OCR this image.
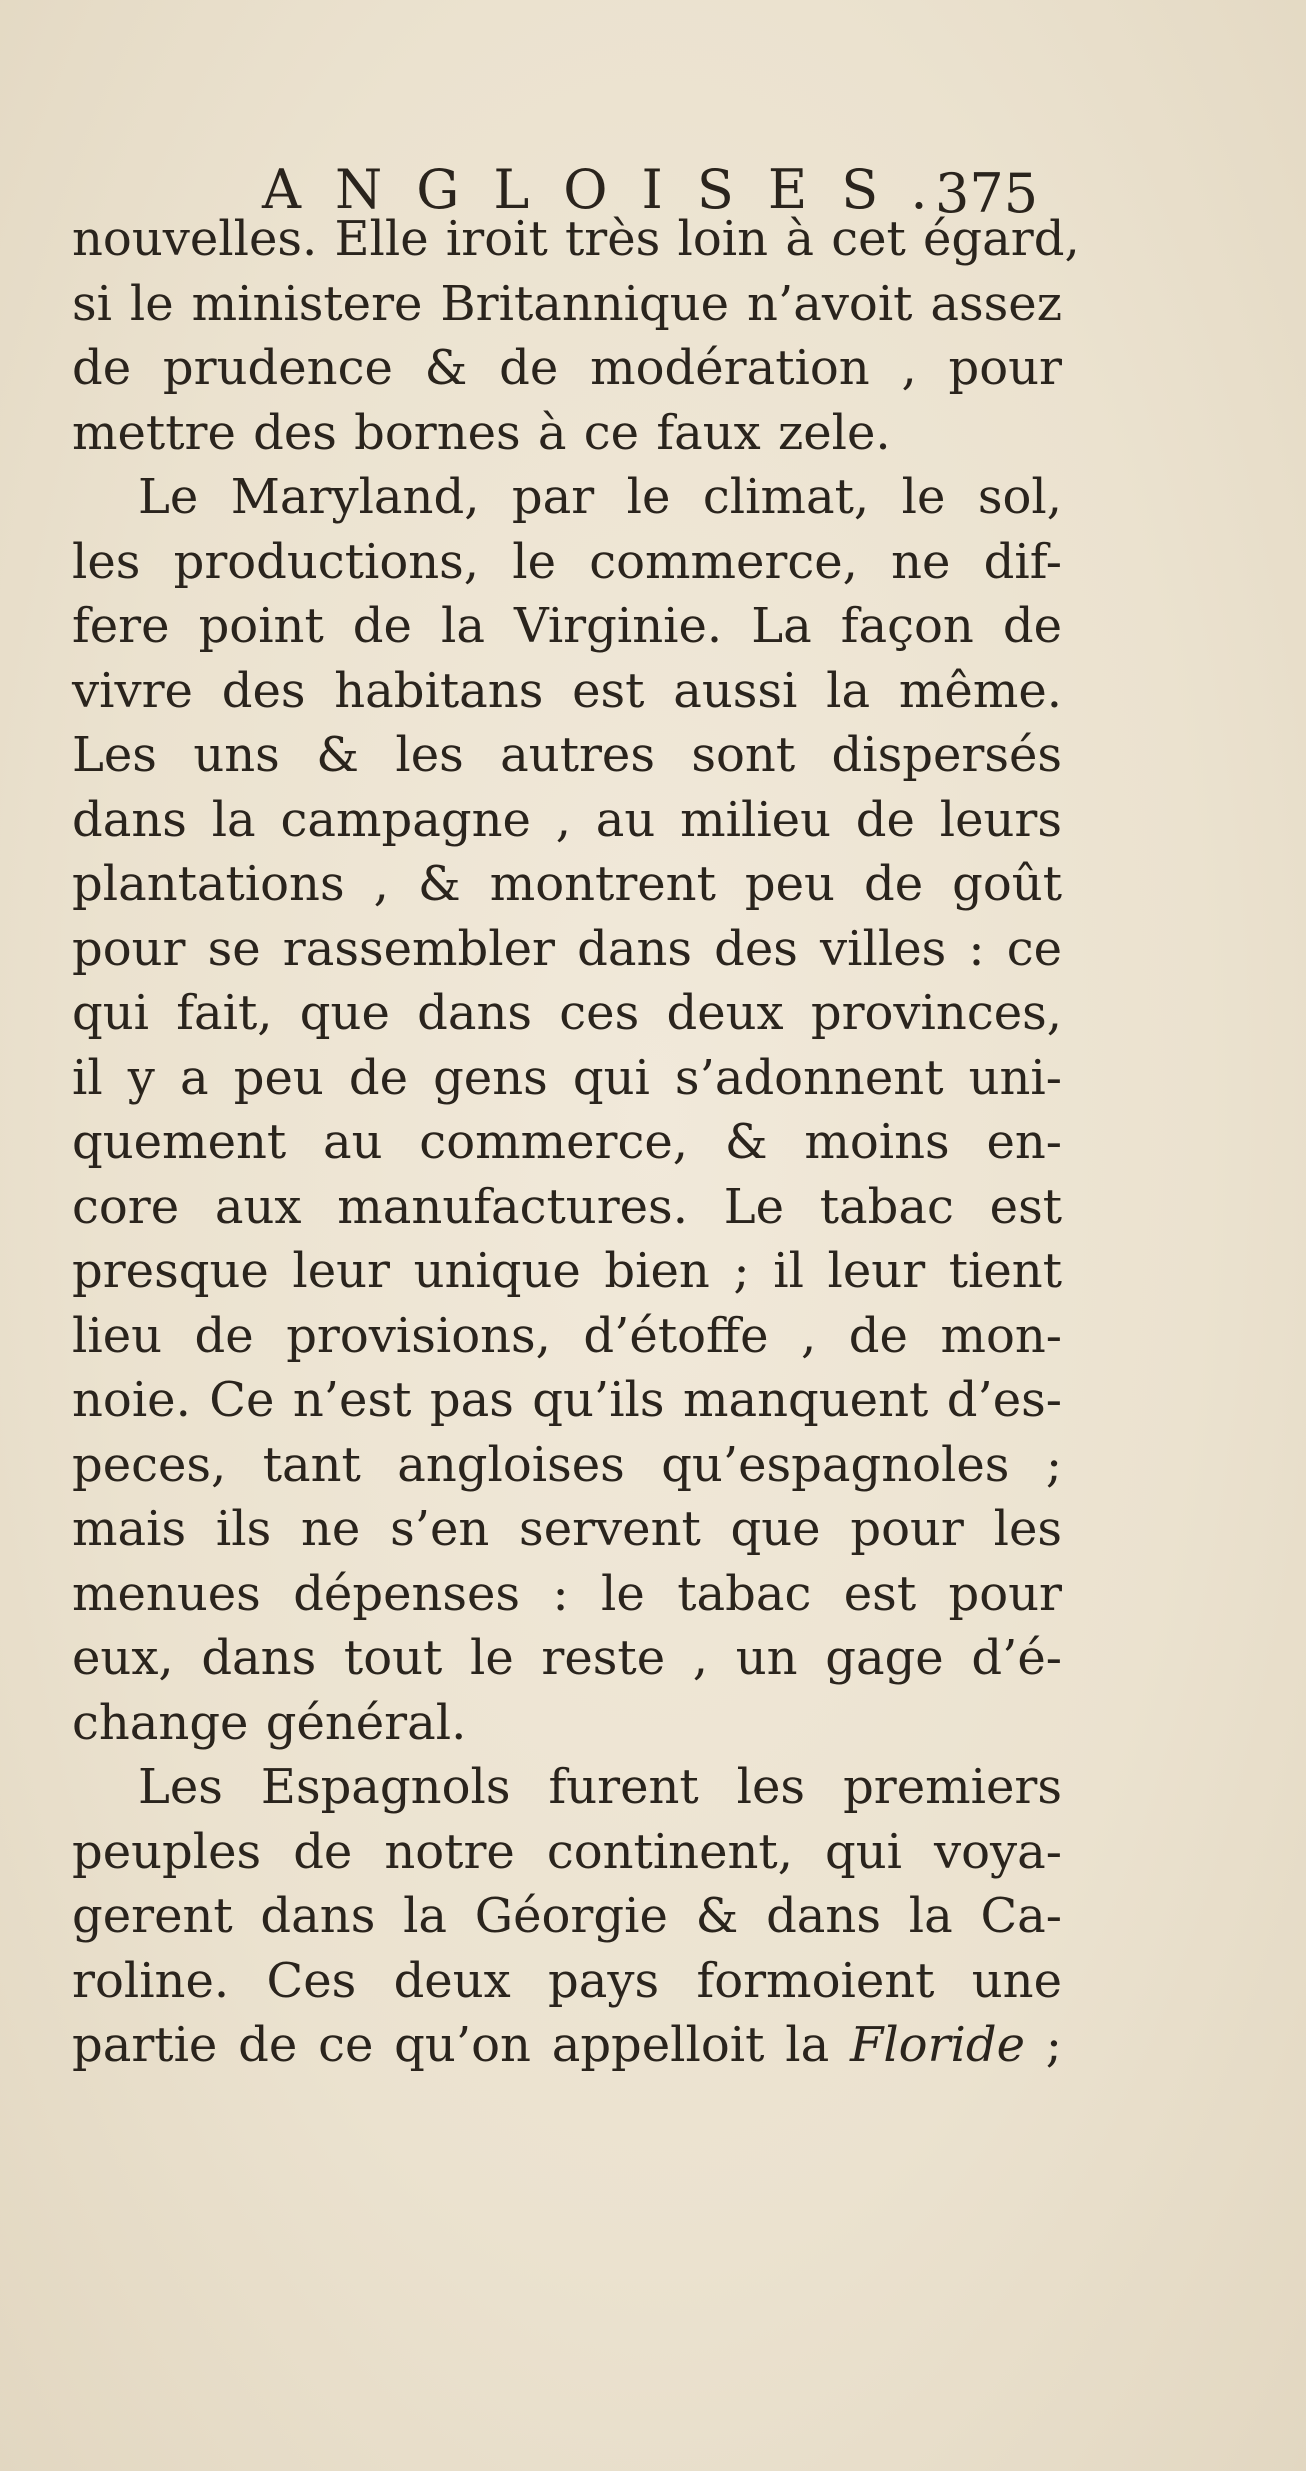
ANGLOISES.
375
nouvelles. Elle iroit très loin à cet égard,
si le ministere Britannique n’avoit assez
de prudence & de modération , pour
mettre des bornes à ce faux zele.
Le Maryland, par le climat, le sol,
les productions, le commerce, ne dif-
fere point de la Virginie. La façon de
vivre des habitans est aussi la même.
Les uns & les autres sont dispersés
dans la campagne , au milieu de leurs
plantations , & montrent peu de goût
pour se rassembler dans des villes : ce
qui fait, que dans ces deux provinces,
il y a peu de gens qui s’adonnent uni-
quement au commerce, & moins en-
core aux manufactures. Le tabac est
presque leur unique bien ; il leur tient
lieu de provisions, d’étoffe , de mon-
noie. Ce n’est pas qu’ils manquent d’es-
peces, tant angloises qu’espagnoles ;
mais ils ne s’en servent que pour les
menues dépenses : le tabac est pour
eux, dans tout le reste , un gage d’é-
change général.
Les Espagnols furent les premiers
peuples de notre continent, qui voya-
gerent dans la Géorgie & dans la Ca-
roline. Ces deux pays formoient une
partie de ce qu’on appelloit la Floride ;
